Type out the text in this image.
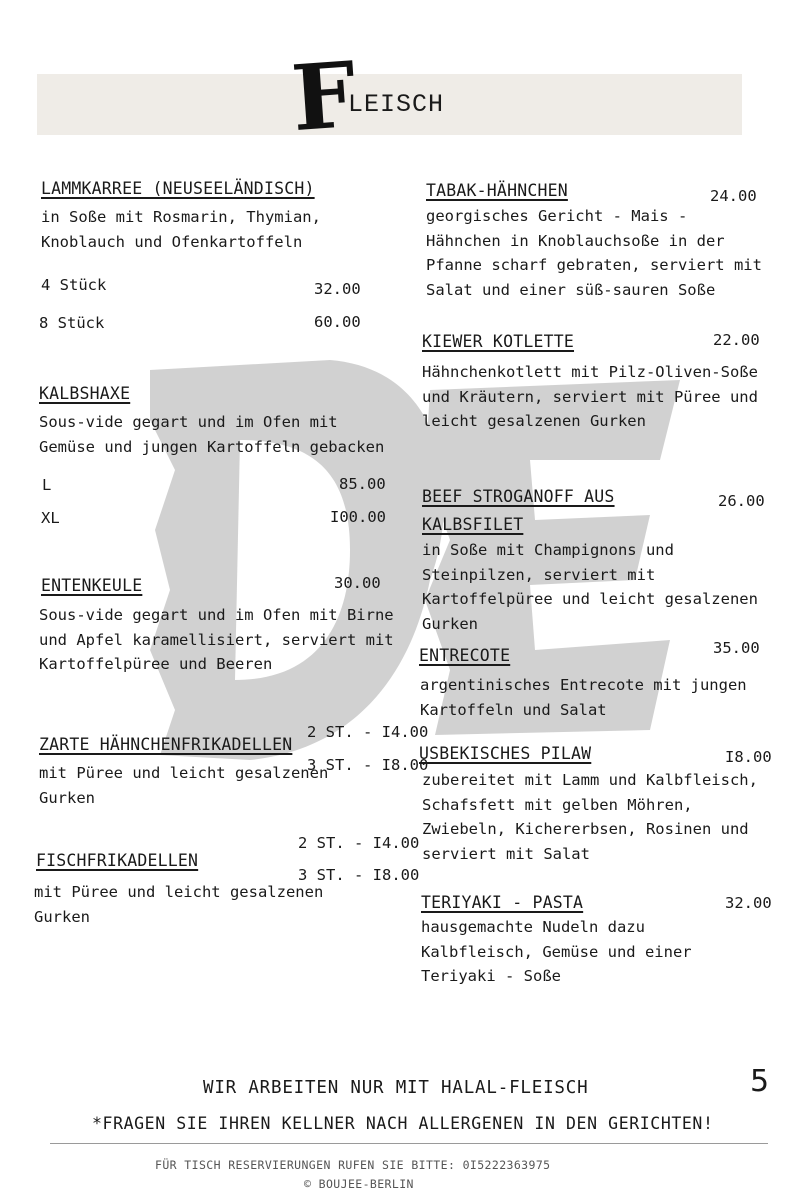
F
LEISCH
LAMMKARREE (NEUSEELÄNDISCH)
in Soße mit Rosmarin, Thymian,
Knoblauch und Ofenkartoffeln
4 Stück	32.00
8 Stück	60.00
KALBSHAXE
Sous-vide gegart und im Ofen mit
Gemüse und jungen Kartoffeln gebacken
L	85.00
XL	I00.00
ENTENKEULE	30.00
Sous-vide gegart und im Ofen mit Birne
und Apfel karamellisiert, serviert mit
Kartoffelpüree und Beeren
ZARTE HÄHNCHENFRIKADELLEN
2 ST. - I4.00
3 ST. - I8.00
mit Püree und leicht gesalzenen
Gurken
2 ST. - I4.00
FISCHFRIKADELLEN
3 ST. - I8.00
mit Püree und leicht gesalzenen
Gurken
TABAK-HÄHNCHEN	24.00
georgisches Gericht - Mais -
Hähnchen in Knoblauchsoße in der
Pfanne scharf gebraten, serviert mit
Salat und einer süß-sauren Soße
KIEWER KOTLETTE	22.00
Hähnchenkotlett mit Pilz-Oliven-Soße
und Kräutern, serviert mit Püree und
leicht gesalzenen Gurken
BEEF STROGANOFF AUS	26.00
KALBSFILET
in Soße mit Champignons und
Steinpilzen, serviert mit
Kartoffelpüree und leicht gesalzenen
Gurken
ENTRECOTE	35.00
argentinisches Entrecote mit jungen
Kartoffeln und Salat
USBEKISCHES PILAW	I8.00
zubereitet mit Lamm und Kalbfleisch,
Schafsfett mit gelben Möhren,
Zwiebeln, Kichererbsen, Rosinen und
serviert mit Salat
TERIYAKI - PASTA	32.00
hausgemachte Nudeln dazu
Kalbfleisch, Gemüse und einer
Teriyaki - Soße
WIR ARBEITEN NUR MIT HALAL-FLEISCH	5
*FRAGEN SIE IHREN KELLNER NACH ALLERGENEN IN DEN GERICHTEN!
FÜR TISCH RESERVIERUNGEN RUFEN SIE BITTE: 0I5222363975
© BOUJEE-BERLIN
